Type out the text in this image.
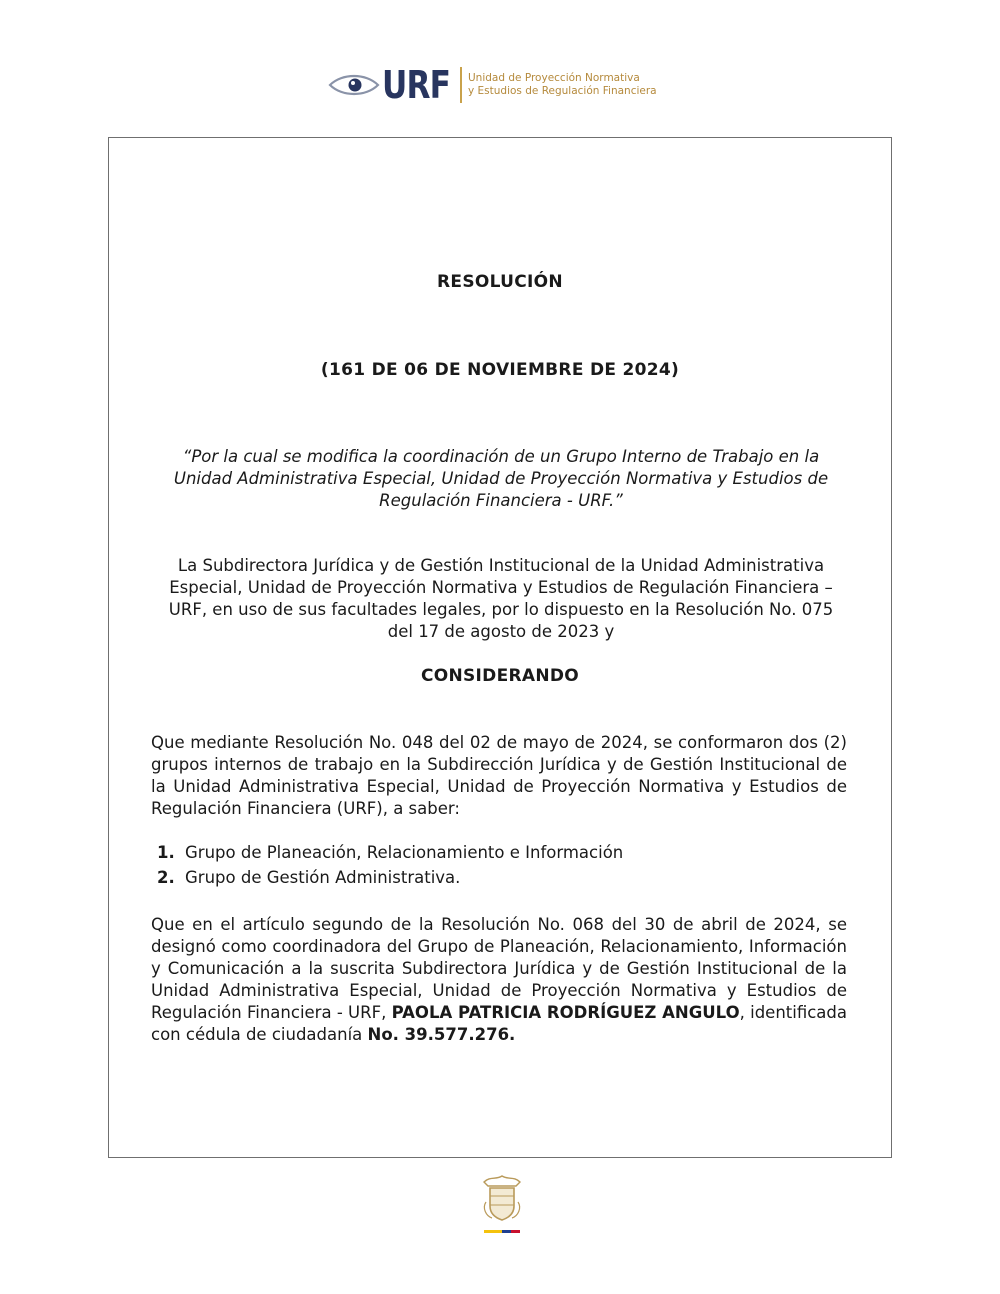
URF Unidad de Proyección Normativa
y Estudios de Regulación Financiera
RESOLUCIÓN
(161 DE 06 DE NOVIEMBRE DE 2024)
“Por la cual se modifica la coordinación de un Grupo Interno de Trabajo en la Unidad Administrativa Especial, Unidad de Proyección Normativa y Estudios de Regulación Financiera - URF.”
La Subdirectora Jurídica y de Gestión Institucional de la Unidad Administrativa Especial, Unidad de Proyección Normativa y Estudios de Regulación Financiera – URF, en uso de sus facultades legales, por lo dispuesto en la Resolución No. 075 del 17 de agosto de 2023 y
CONSIDERANDO
Que mediante Resolución No. 048 del 02 de mayo de 2024, se conformaron dos (2) grupos internos de trabajo en la Subdirección Jurídica y de Gestión Institucional de la Unidad Administrativa Especial, Unidad de Proyección Normativa y Estudios de Regulación Financiera (URF), a saber:
1. Grupo de Planeación, Relacionamiento e Información
2. Grupo de Gestión Administrativa.
Que en el artículo segundo de la Resolución No. 068 del 30 de abril de 2024, se designó como coordinadora del Grupo de Planeación, Relacionamiento, Información y Comunicación a la suscrita Subdirectora Jurídica y de Gestión Institucional de la Unidad Administrativa Especial, Unidad de Proyección Normativa y Estudios de Regulación Financiera - URF, PAOLA PATRICIA RODRÍGUEZ ANGULO, identificada con cédula de ciudadanía No. 39.577.276.
